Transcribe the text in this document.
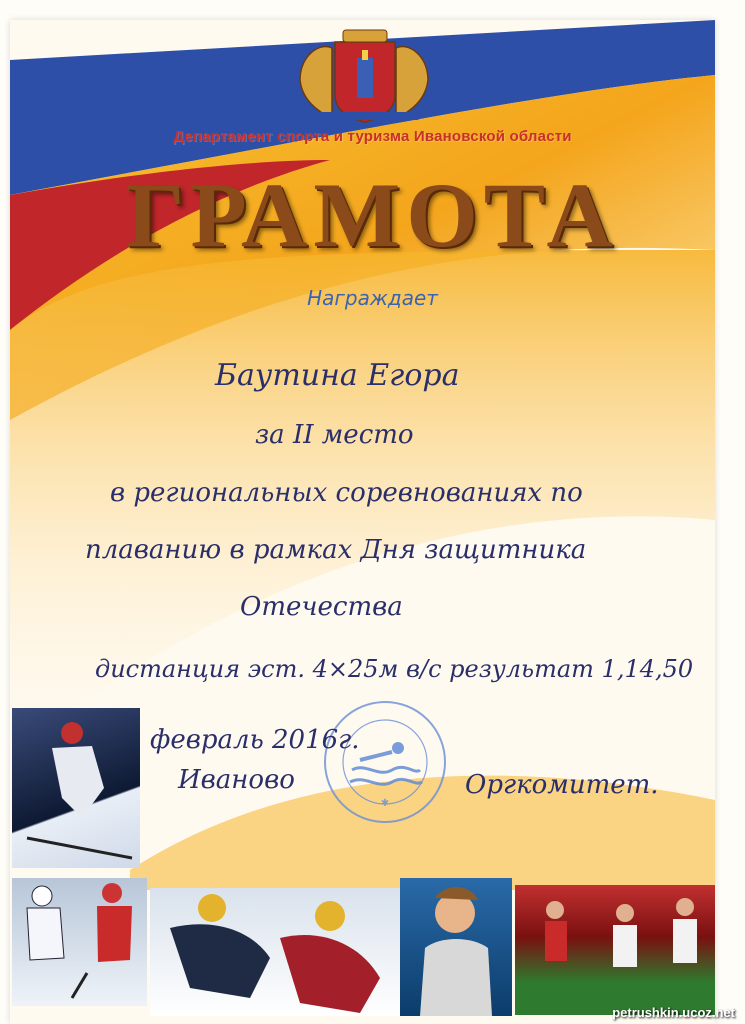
✱
Департамент спорта и туризма Ивановской области
ГРАМОТА
Награждает
Баутина Егора
за II место
в региональных соревнованиях по
плаванию в рамках Дня защитника
Отечества
дистанция эст. 4×25м в/с результат 1,14,50
февраль 2016г.
Иваново	Оргкомитет.
petrushkin.ucoz.net
